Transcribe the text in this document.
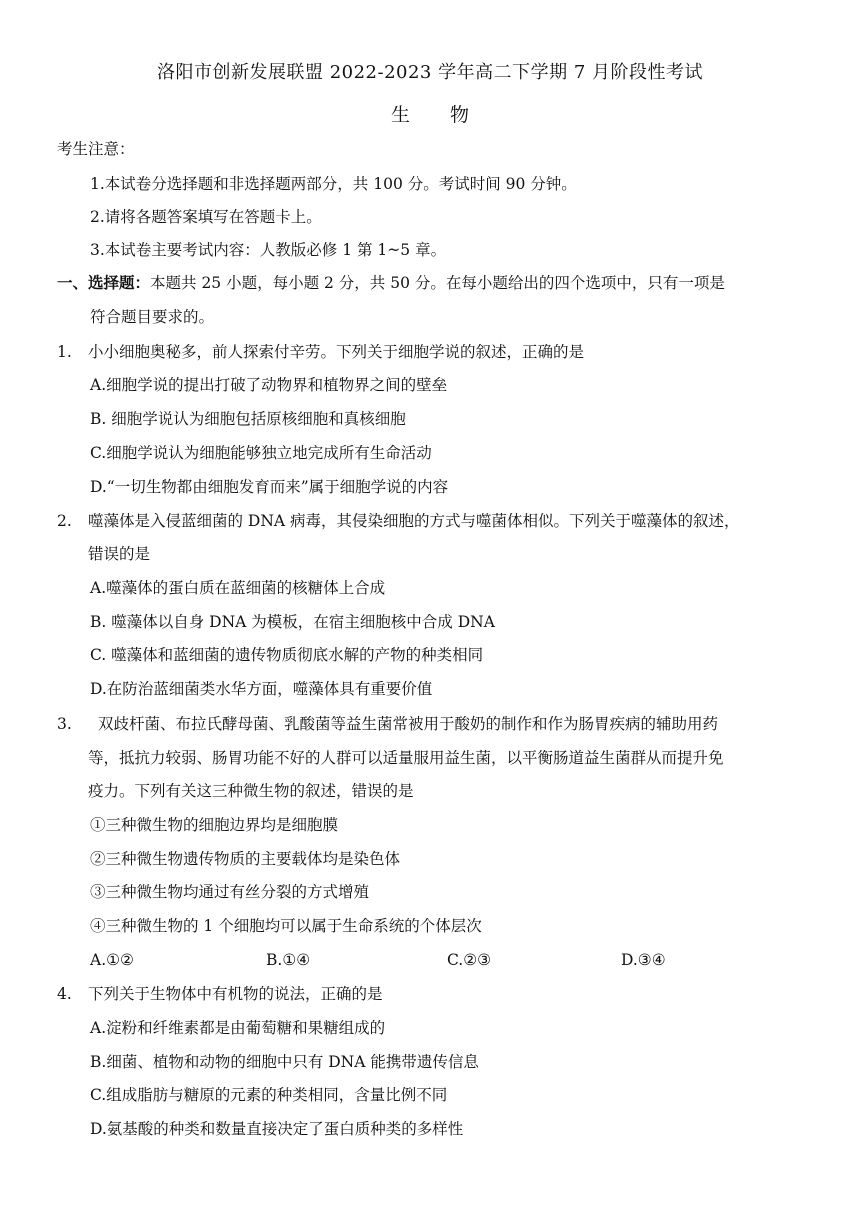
洛阳市创新发展联盟 2022-2023 学年高二下学期 7 月阶段性考试
生物
考生注意：
1.本试卷分选择题和非选择题两部分，共 100 分。考试时间 90 分钟。
2.请将各题答案填写在答题卡上。
3.本试卷主要考试内容：人教版必修 1 第 1~5 章。
一、选择题：本题共 25 小题，每小题 2 分，共 50 分。在每小题给出的四个选项中，只有一项是
符合题目要求的。
1. 小小细胞奥秘多，前人探索付辛劳。下列关于细胞学说的叙述，正确的是
A.细胞学说的提出打破了动物界和植物界之间的壁垒
B. 细胞学说认为细胞包括原核细胞和真核细胞
C.细胞学说认为细胞能够独立地完成所有生命活动
D.“一切生物都由细胞发育而来”属于细胞学说的内容
2. 噬藻体是入侵蓝细菌的 DNA 病毒，其侵染细胞的方式与噬菌体相似。下列关于噬藻体的叙述，
错误的是
A.噬藻体的蛋白质在蓝细菌的核糖体上合成
B. 噬藻体以自身 DNA 为模板，在宿主细胞核中合成 DNA
C. 噬藻体和蓝细菌的遗传物质彻底水解的产物的种类相同
D.在防治蓝细菌类水华方面，噬藻体具有重要价值
3. 双歧杆菌、布拉氏酵母菌、乳酸菌等益生菌常被用于酸奶的制作和作为肠胃疾病的辅助用药
等，抵抗力较弱、肠胃功能不好的人群可以适量服用益生菌，以平衡肠道益生菌群从而提升免
疫力。下列有关这三种微生物的叙述，错误的是
①三种微生物的细胞边界均是细胞膜
②三种微生物遗传物质的主要载体均是染色体
③三种微生物均通过有丝分裂的方式增殖
④三种微生物的 1 个细胞均可以属于生命系统的个体层次
A.①②	B.①④	C.②③	D.③④
4. 下列关于生物体中有机物的说法，正确的是
A.淀粉和纤维素都是由葡萄糖和果糖组成的
B.细菌、植物和动物的细胞中只有 DNA 能携带遗传信息
C.组成脂肪与糖原的元素的种类相同，含量比例不同
D.氨基酸的种类和数量直接决定了蛋白质种类的多样性
